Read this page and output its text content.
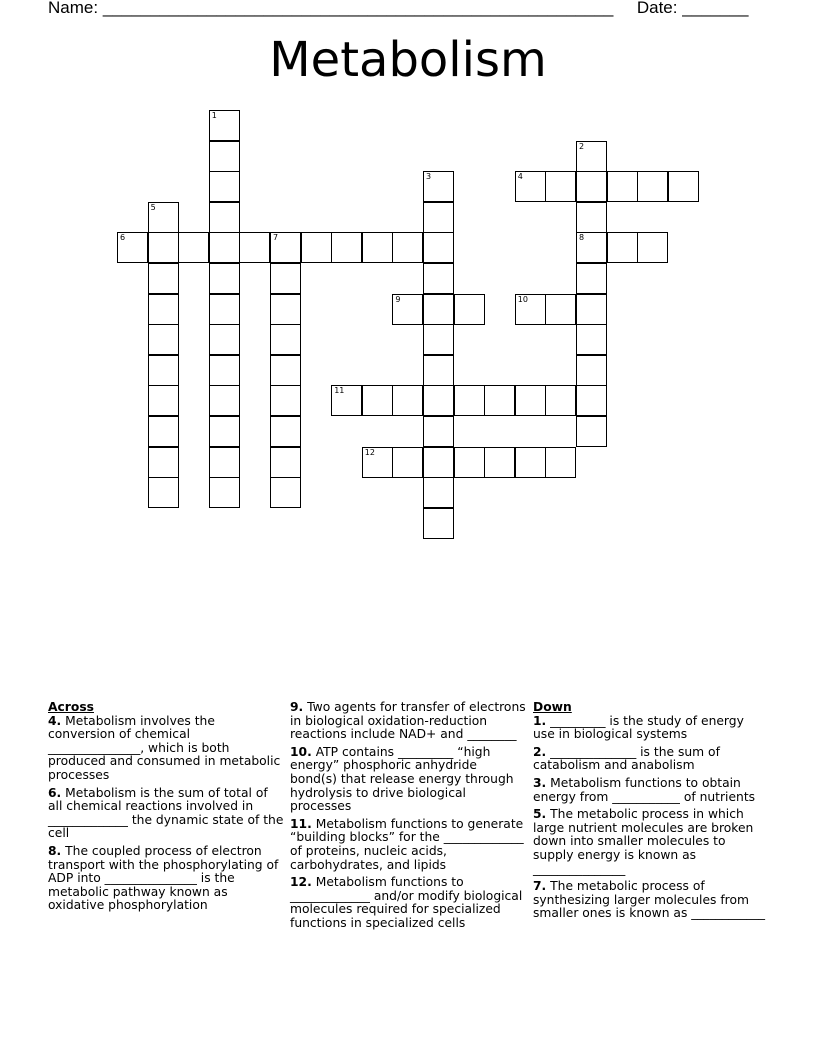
Name: ______________________________________________________ Date: _______
Metabolism
1
2
8
3	4
5
6	7
9	10
11
12
Across
4. Metabolism involves the conversion of chemical _______________, which is both produced and consumed in metabolic processes
6. Metabolism is the sum of total of all chemical reactions involved in _____________ the dynamic state of the cell
8. The coupled process of electron transport with the phosphorylating of ADP into _______________ is the metabolic pathway known as oxidative phosphorylation
9. Two agents for transfer of electrons in biological oxidation-reduction reactions include NAD+ and ________
10. ATP contains _________ “high energy” phosphoric anhydride bond(s) that release energy through hydrolysis to drive biological processes
11. Metabolism functions to generate “building blocks” for the _____________ of proteins, nucleic acids, carbohydrates, and lipids
12. Metabolism functions to _____________ and/or modify biological molecules required for specialized functions in specialized cells
Down
1. _________ is the study of energy use in biological systems
2. ______________ is the sum of catabolism and anabolism
3. Metabolism functions to obtain energy from ___________ of nutrients
5. The metabolic process in which large nutrient molecules are broken down into smaller molecules to supply energy is known as _______________
7. The metabolic process of synthesizing larger molecules from smaller ones is known as ____________
